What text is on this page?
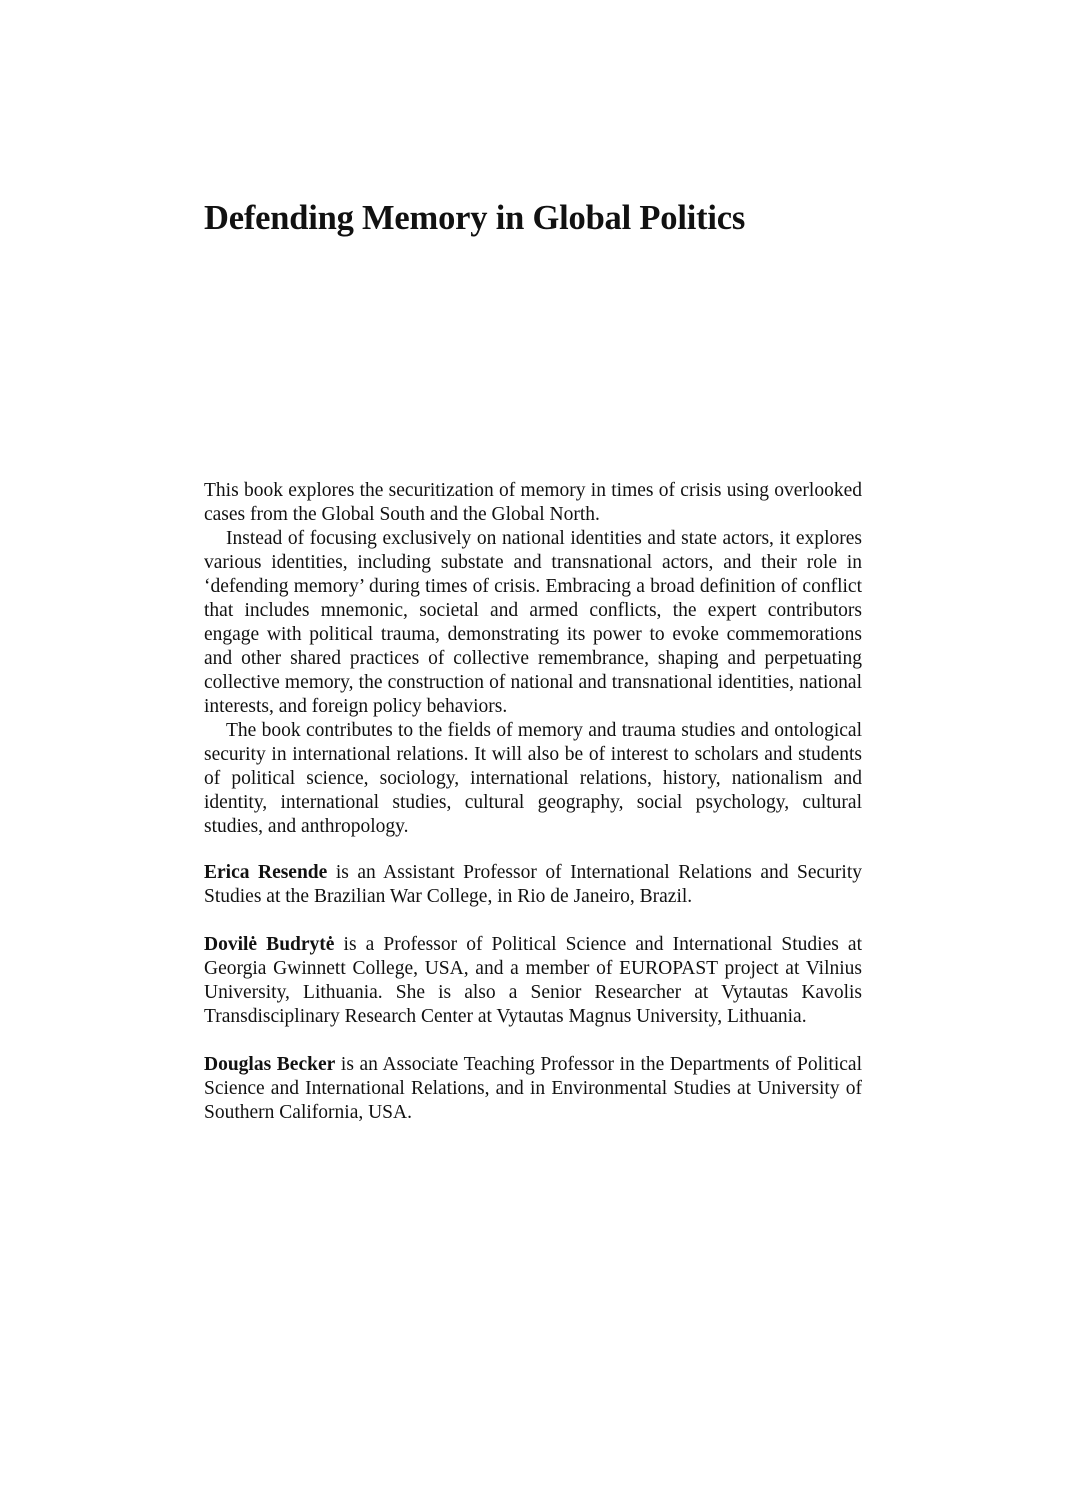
Defending Memory in Global Politics

This book explores the securitization of memory in times of crisis using overlooked cases from the Global South and the Global North.

Instead of focusing exclusively on national identities and state actors, it explores various identities, including substate and transnational actors, and their role in ‘defending memory’ during times of crisis. Embracing a broad definition of conflict that includes mnemonic, societal and armed conflicts, the expert contributors engage with political trauma, demonstrating its power to evoke commemorations and other shared practices of collective remembrance, shaping and perpetuating collective memory, the construction of national and transnational identities, national interests, and foreign policy behaviors.

The book contributes to the fields of memory and trauma studies and ontological security in international relations. It will also be of interest to scholars and students of political science, sociology, international relations, history, nationalism and identity, international studies, cultural geography, social psychology, cultural studies, and anthropology.

Erica Resende is an Assistant Professor of International Relations and Security Studies at the Brazilian War College, in Rio de Janeiro, Brazil.

Dovilė Budrytė is a Professor of Political Science and International Studies at Georgia Gwinnett College, USA, and a member of EUROPAST project at Vilnius University, Lithuania. She is also a Senior Researcher at Vytautas Kavolis Transdisciplinary Research Center at Vytautas Magnus University, Lithuania.

Douglas Becker is an Associate Teaching Professor in the Departments of Political Science and International Relations, and in Environmental Studies at University of Southern California, USA.
